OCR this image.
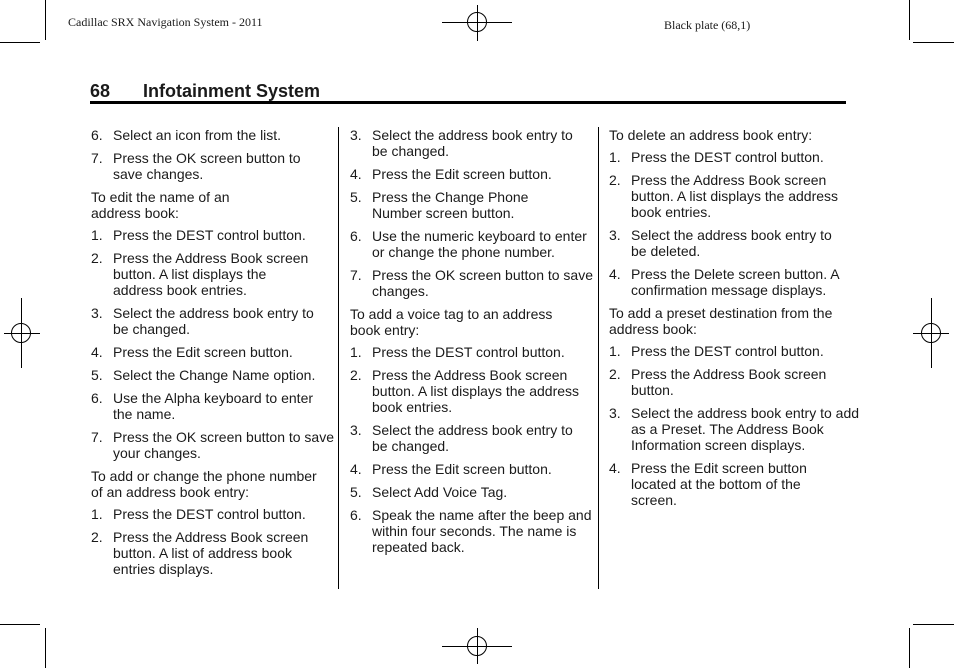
Cadillac SRX Navigation System - 2011	Black plate (68,1)
68 Infotainment System
6. Select an icon from the list.
7. Press the OK screen button to save changes.
To edit the name of an address book:
1. Press the DEST control button.
2. Press the Address Book screen button. A list displays the address book entries.
3. Select the address book entry to be changed.
4. Press the Edit screen button.
5. Select the Change Name option.
6. Use the Alpha keyboard to enter the name.
7. Press the OK screen button to save your changes.
To add or change the phone number of an address book entry:
1. Press the DEST control button.
2. Press the Address Book screen button. A list of address book entries displays.
3. Select the address book entry to be changed.
4. Press the Edit screen button.
5. Press the Change Phone Number screen button.
6. Use the numeric keyboard to enter or change the phone number.
7. Press the OK screen button to save changes.
To add a voice tag to an address book entry:
1. Press the DEST control button.
2. Press the Address Book screen button. A list displays the address book entries.
3. Select the address book entry to be changed.
4. Press the Edit screen button.
5. Select Add Voice Tag.
6. Speak the name after the beep and within four seconds. The name is repeated back.
To delete an address book entry:
1. Press the DEST control button.
2. Press the Address Book screen button. A list displays the address book entries.
3. Select the address book entry to be deleted.
4. Press the Delete screen button. A confirmation message displays.
To add a preset destination from the address book:
1. Press the DEST control button.
2. Press the Address Book screen button.
3. Select the address book entry to add as a Preset. The Address Book Information screen displays.
4. Press the Edit screen button located at the bottom of the screen.
